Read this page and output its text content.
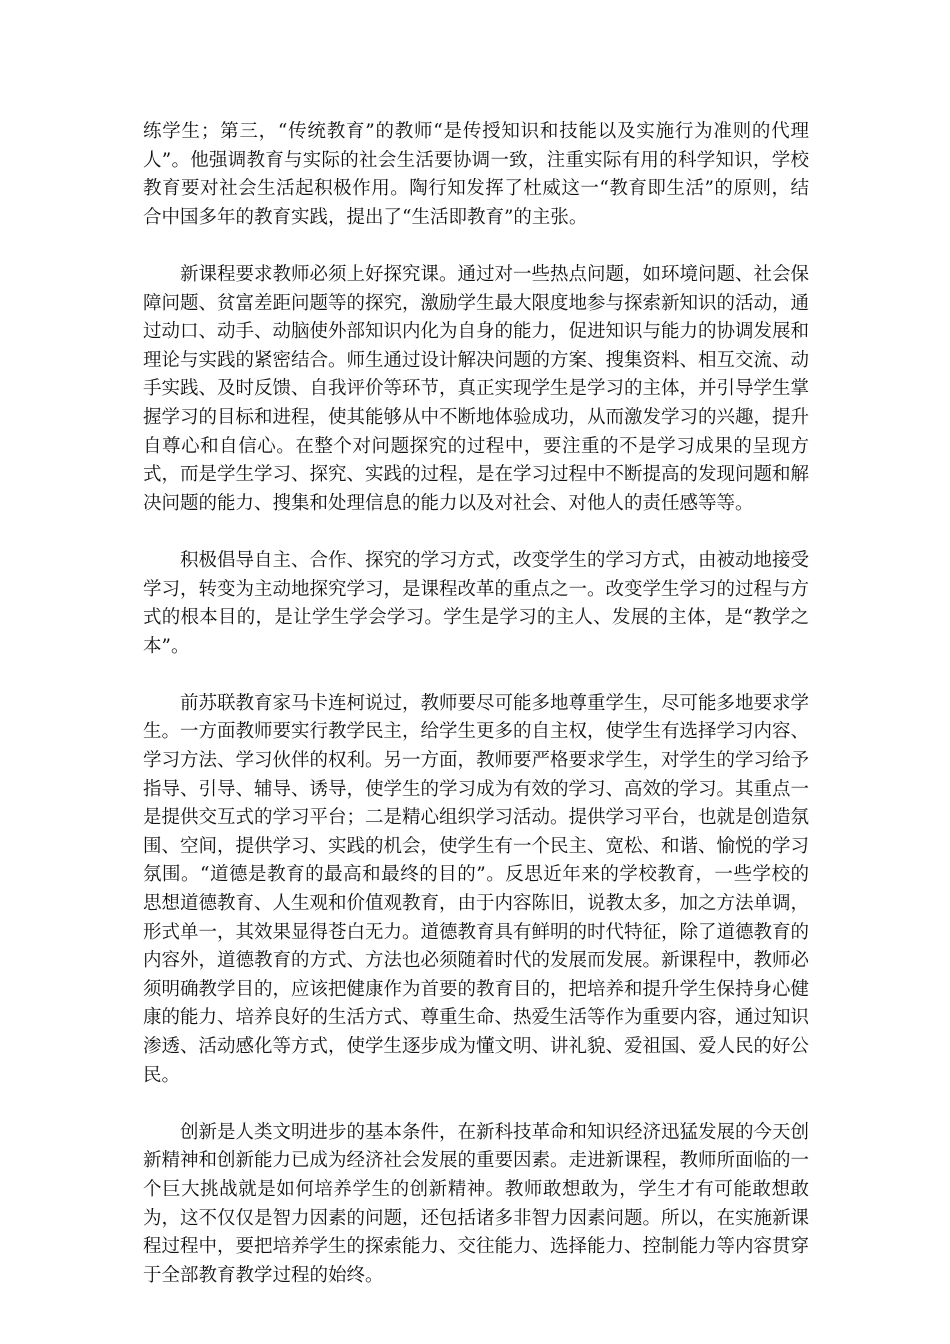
练学生；第三，“传统教育”的教师“是传授知识和技能以及实施行为准则的代理人”。他强调教育与实际的社会生活要协调一致，注重实际有用的科学知识，学校教育要对社会生活起积极作用。陶行知发挥了杜威这一“教育即生活”的原则，结合中国多年的教育实践，提出了“生活即教育”的主张。

新课程要求教师必须上好探究课。通过对一些热点问题，如环境问题、社会保障问题、贫富差距问题等的探究，激励学生最大限度地参与探索新知识的活动，通过动口、动手、动脑使外部知识内化为自身的能力，促进知识与能力的协调发展和理论与实践的紧密结合。师生通过设计解决问题的方案、搜集资料、相互交流、动手实践、及时反馈、自我评价等环节，真正实现学生是学习的主体，并引导学生掌握学习的目标和进程，使其能够从中不断地体验成功，从而激发学习的兴趣，提升自尊心和自信心。在整个对问题探究的过程中，要注重的不是学习成果的呈现方式，而是学生学习、探究、实践的过程，是在学习过程中不断提高的发现问题和解决问题的能力、搜集和处理信息的能力以及对社会、对他人的责任感等等。

积极倡导自主、合作、探究的学习方式，改变学生的学习方式，由被动地接受学习，转变为主动地探究学习，是课程改革的重点之一。改变学生学习的过程与方式的根本目的，是让学生学会学习。学生是学习的主人、发展的主体，是“教学之本”。

前苏联教育家马卡连柯说过，教师要尽可能多地尊重学生，尽可能多地要求学生。一方面教师要实行教学民主，给学生更多的自主权，使学生有选择学习内容、学习方法、学习伙伴的权利。另一方面，教师要严格要求学生，对学生的学习给予指导、引导、辅导、诱导，使学生的学习成为有效的学习、高效的学习。其重点一是提供交互式的学习平台；二是精心组织学习活动。提供学习平台，也就是创造氛围、空间，提供学习、实践的机会，使学生有一个民主、宽松、和谐、愉悦的学习氛围。“道德是教育的最高和最终的目的”。反思近年来的学校教育，一些学校的思想道德教育、人生观和价值观教育，由于内容陈旧，说教太多，加之方法单调，形式单一，其效果显得苍白无力。道德教育具有鲜明的时代特征，除了道德教育的内容外，道德教育的方式、方法也必须随着时代的发展而发展。新课程中，教师必须明确教学目的，应该把健康作为首要的教育目的，把培养和提升学生保持身心健康的能力、培养良好的生活方式、尊重生命、热爱生活等作为重要内容，通过知识渗透、活动感化等方式，使学生逐步成为懂文明、讲礼貌、爱祖国、爱人民的好公民。

创新是人类文明进步的基本条件，在新科技革命和知识经济迅猛发展的今天创新精神和创新能力已成为经济社会发展的重要因素。走进新课程，教师所面临的一个巨大挑战就是如何培养学生的创新精神。教师敢想敢为，学生才有可能敢想敢为，这不仅仅是智力因素的问题，还包括诸多非智力因素问题。所以，在实施新课程过程中，要把培养学生的探索能力、交往能力、选择能力、控制能力等内容贯穿于全部教育教学过程的始终。
